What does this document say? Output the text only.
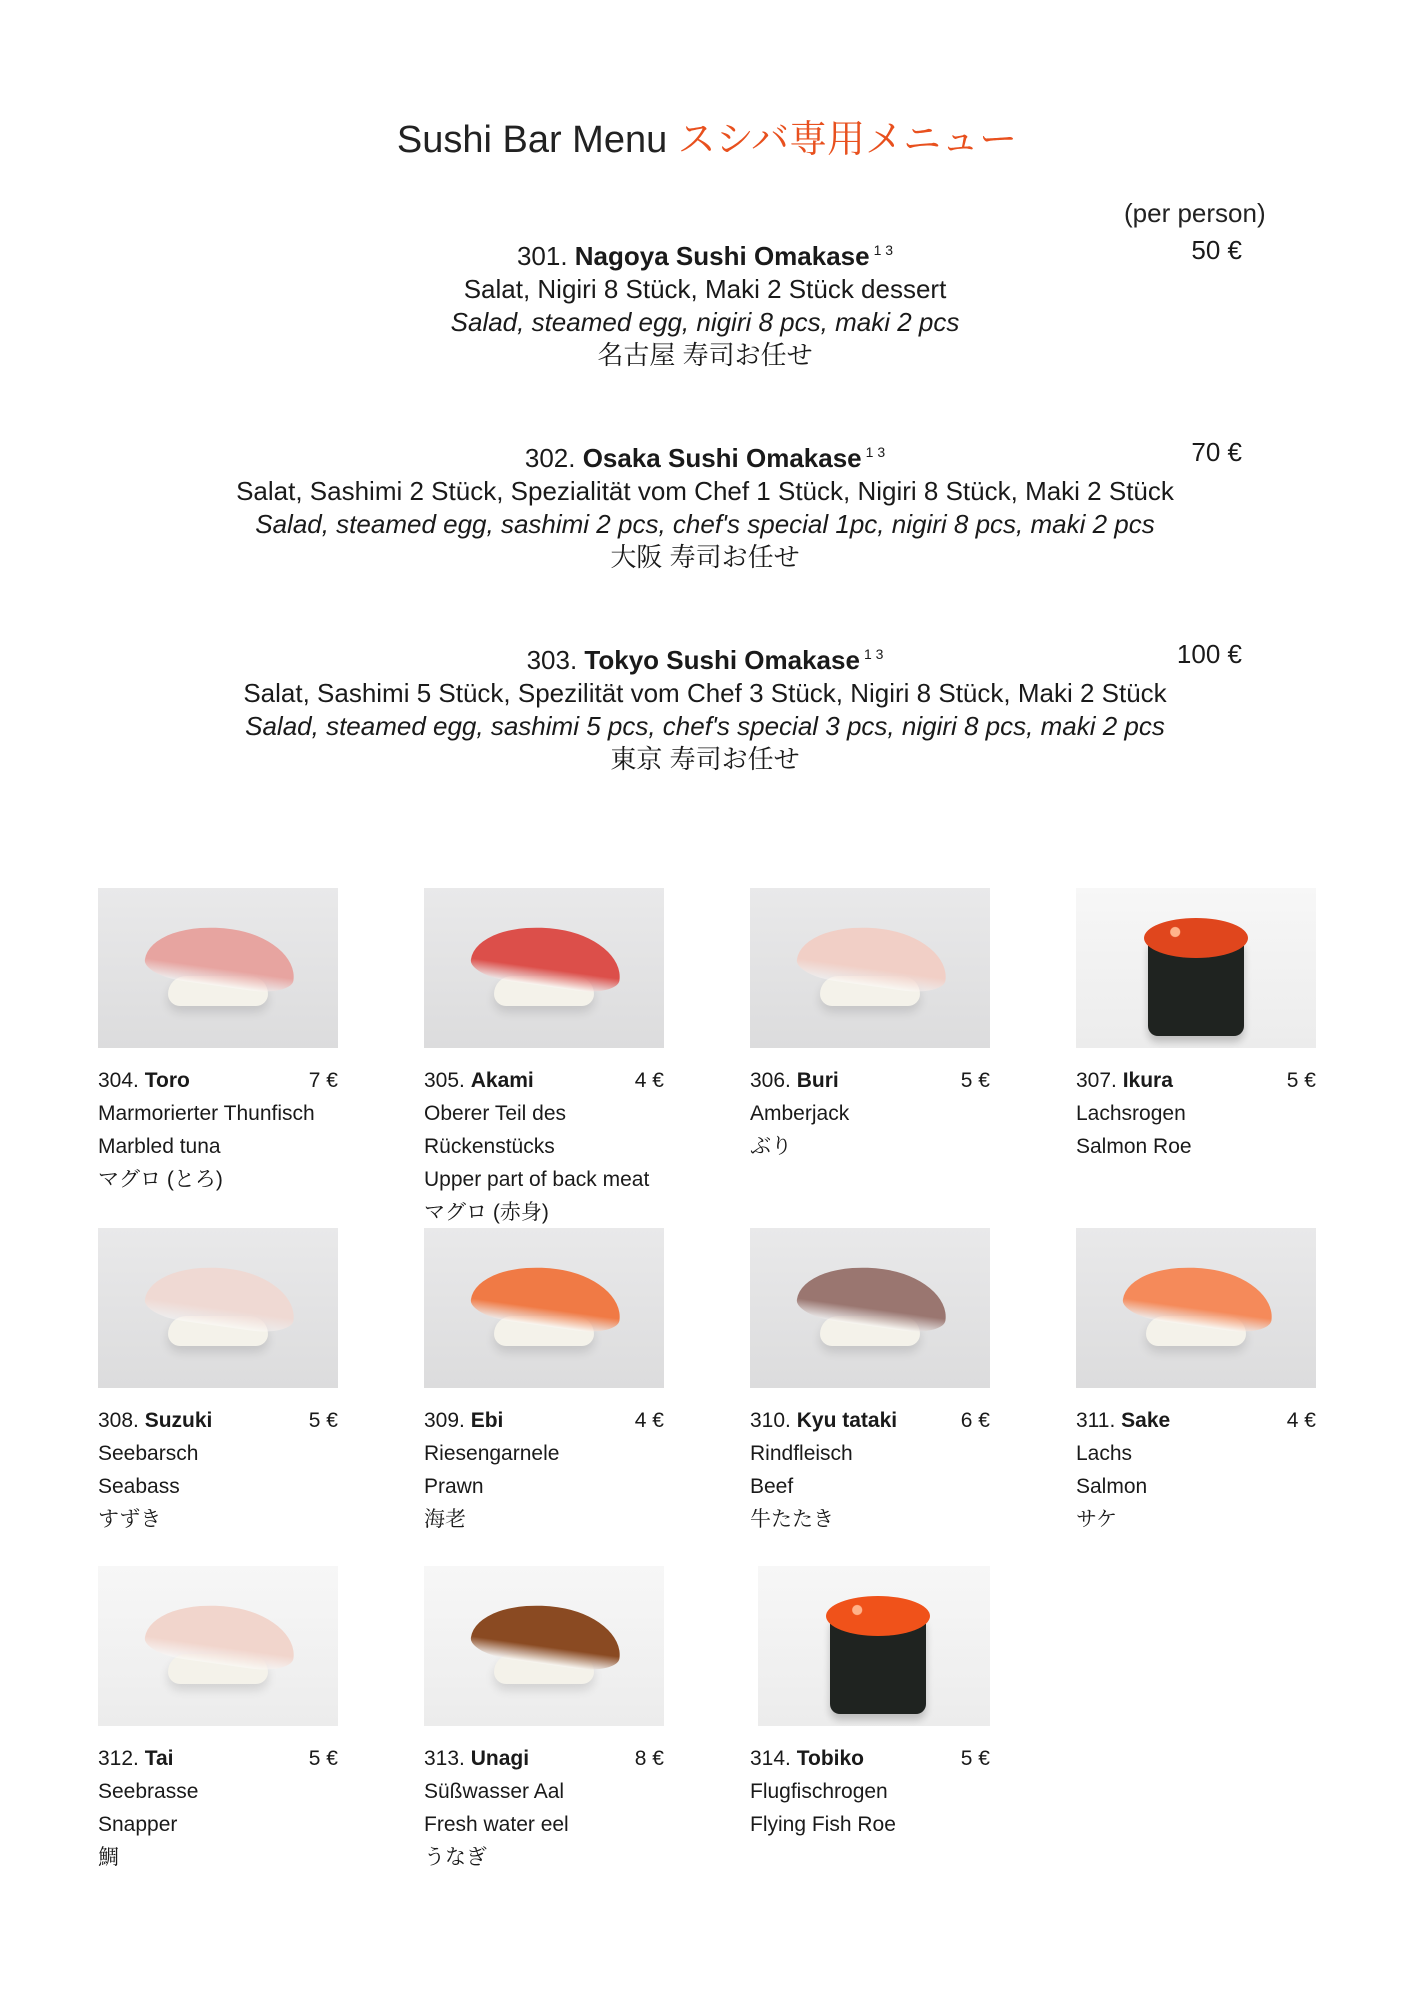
Sushi Bar Menu スシバ専用メニュー
(per person)
301. Nagoya Sushi Omakase $^{1 3}$
Salat, Nigiri 8 Stück, Maki 2 Stück dessert
Salad, steamed egg, nigiri 8 pcs, maki 2 pcs
名古屋 寿司お任せ
50 €
302. Osaka Sushi Omakase $^{1 3}$
Salat, Sashimi 2 Stück, Spezialität vom Chef 1 Stück, Nigiri 8 Stück, Maki 2 Stück
Salad, steamed egg, sashimi 2 pcs, chef's special 1pc, nigiri 8 pcs, maki 2 pcs
大阪 寿司お任せ
70 €
303. Tokyo Sushi Omakase $^{1 3}$
Salat, Sashimi 5 Stück, Spezilität vom Chef 3 Stück, Nigiri 8 Stück, Maki 2 Stück
Salad, steamed egg, sashimi 5 pcs, chef's special 3 pcs, nigiri 8 pcs, maki 2 pcs
東京 寿司お任せ
100 €
304. Toro	7 €
Marmorierter Thunfisch
Marbled tuna
マグロ (とろ)
305. Akami	4 €
Oberer Teil des Rückenstücks
Upper part of back meat
マグロ (赤身)
306. Buri	5 €
Amberjack
ぶり
307. Ikura	5 €
Lachsrogen
Salmon Roe
308. Suzuki	5 €
Seebarsch
Seabass
すずき
309. Ebi	4 €
Riesengarnele
Prawn
海老
310. Kyu tataki	6 €
Rindfleisch
Beef
牛たたき
311. Sake	4 €
Lachs
Salmon
サケ
312. Tai	5 €
Seebrasse
Snapper
鯛
313. Unagi	8 €
Süßwasser Aal
Fresh water eel
うなぎ
314. Tobiko	5 €
Flugfischrogen
Flying Fish Roe
